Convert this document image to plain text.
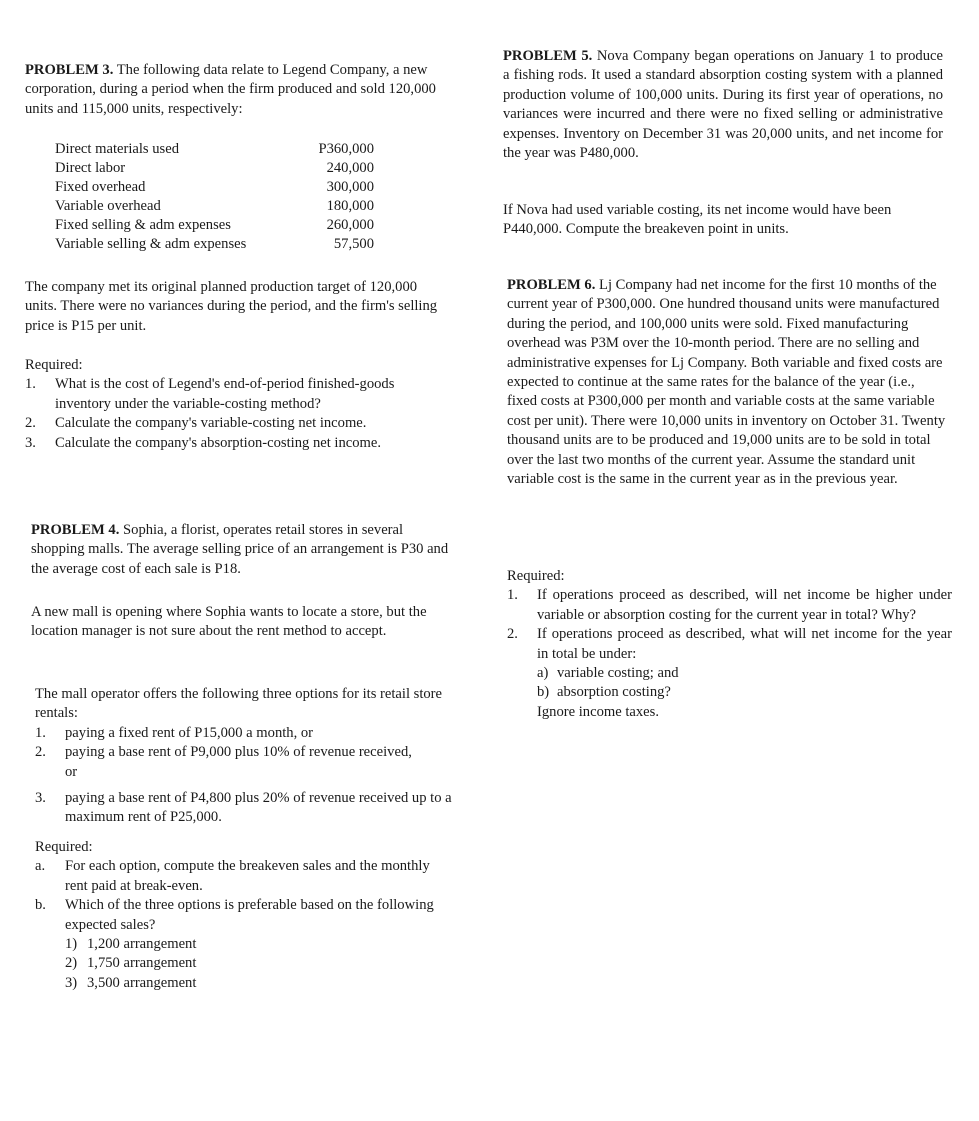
PROBLEM 3. The following data relate to Legend Company, a new corporation, during a period when the firm produced and sold 120,000 units and 115,000 units, respectively:

Direct materials used	P360,000
Direct labor	240,000
Fixed overhead	300,000
Variable overhead	180,000
Fixed selling & adm expenses	260,000
Variable selling & adm expenses	57,500

The company met its original planned production target of 120,000 units. There were no variances during the period, and the firm's selling price is P15 per unit.

Required:

1. What is the cost of Legend's end-of-period finished-goods inventory under the variable-costing method?
2. Calculate the company's variable-costing net income.
3. Calculate the company's absorption-costing net income.

PROBLEM 4. Sophia, a florist, operates retail stores in several shopping malls. The average selling price of an arrangement is P30 and the average cost of each sale is P18.

A new mall is opening where Sophia wants to locate a store, but the location manager is not sure about the rent method to accept.

The mall operator offers the following three options for its retail store rentals:

1. paying a fixed rent of P15,000 a month, or
2. paying a base rent of P9,000 plus 10% of revenue received,
or
3. paying a base rent of P4,800 plus 20% of revenue received up to a maximum rent of P25,000.

Required:

a. For each option, compute the breakeven sales and the monthly rent paid at break-even.
b. Which of the three options is preferable based on the following expected sales?
1) 1,200 arrangement
2) 1,750 arrangement
3) 3,500 arrangement

PROBLEM 5. Nova Company began operations on January 1 to produce a fishing rods. It used a standard absorption costing system with a planned production volume of 100,000 units. During its first year of operations, no variances were incurred and there were no fixed selling or administrative expenses. Inventory on December 31 was 20,000 units, and net income for the year was P480,000.

If Nova had used variable costing, its net income would have been P440,000. Compute the breakeven point in units.

PROBLEM 6. Lj Company had net income for the first 10 months of the current year of P300,000. One hundred thousand units were manufactured during the period, and 100,000 units were sold. Fixed manufacturing overhead was P3M over the 10-month period. There are no selling and administrative expenses for Lj Company. Both variable and fixed costs are expected to continue at the same rates for the balance of the year (i.e., fixed costs at P300,000 per month and variable costs at the same variable cost per unit). There were 10,000 units in inventory on October 31. Twenty thousand units are to be produced and 19,000 units are to be sold in total over the last two months of the current year. Assume the standard unit variable cost is the same in the current year as in the previous year.

Required:

1. If operations proceed as described, will net income be higher under variable or absorption costing for the current year in total? Why?
2. If operations proceed as described, what will net income for the year in total be under:
a) variable costing; and
b) absorption costing?

Ignore income taxes.
